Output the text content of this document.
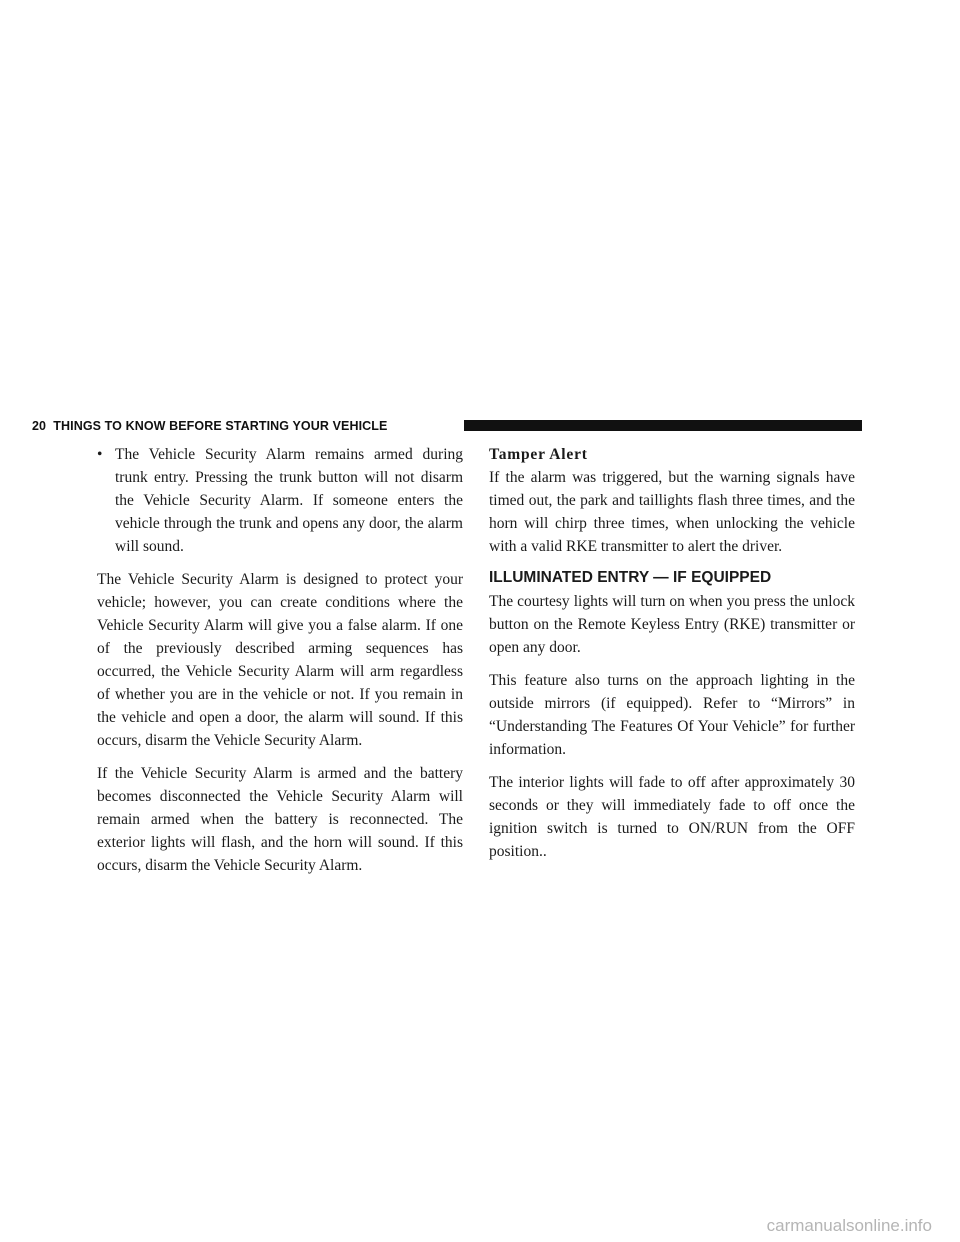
20 THINGS TO KNOW BEFORE STARTING YOUR VEHICLE
• The Vehicle Security Alarm remains armed during trunk entry. Pressing the trunk button will not disarm the Vehicle Security Alarm. If someone enters the vehicle through the trunk and opens any door, the alarm will sound.

The Vehicle Security Alarm is designed to protect your vehicle; however, you can create conditions where the Vehicle Security Alarm will give you a false alarm. If one of the previously described arming sequences has occurred, the Vehicle Security Alarm will arm regardless of whether you are in the vehicle or not. If you remain in the vehicle and open a door, the alarm will sound. If this occurs, disarm the Vehicle Security Alarm.

If the Vehicle Security Alarm is armed and the battery becomes disconnected the Vehicle Security Alarm will remain armed when the battery is reconnected. The exterior lights will flash, and the horn will sound. If this occurs, disarm the Vehicle Security Alarm.

Tamper Alert

If the alarm was triggered, but the warning signals have timed out, the park and taillights flash three times, and the horn will chirp three times, when unlocking the vehicle with a valid RKE transmitter to alert the driver.

ILLUMINATED ENTRY — IF EQUIPPED

The courtesy lights will turn on when you press the unlock button on the Remote Keyless Entry (RKE) transmitter or open any door.

This feature also turns on the approach lighting in the outside mirrors (if equipped). Refer to “Mirrors” in “Understanding The Features Of Your Vehicle” for further information.

The interior lights will fade to off after approximately 30 seconds or they will immediately fade to off once the ignition switch is turned to ON/RUN from the OFF position..

carmanualsonline.info
